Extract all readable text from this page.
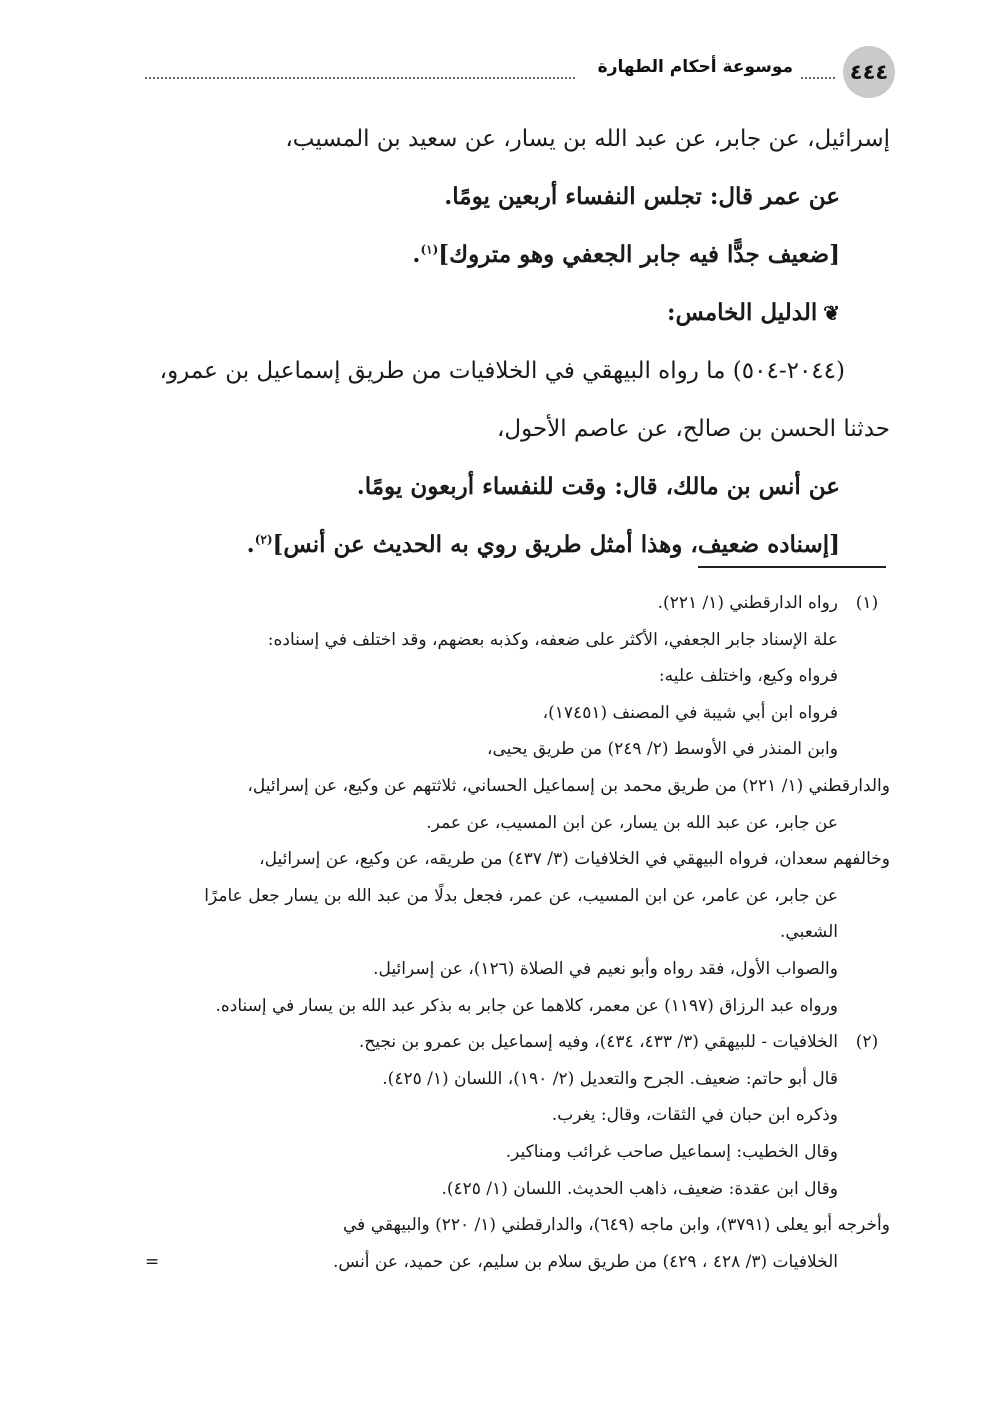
٤٤٤
موسوعة أحكام الطهارة
إسرائيل، عن جابر، عن عبد الله بن يسار، عن سعيد بن المسيب،
عن عمر قال: تجلس النفساء أربعين يومًا.
[ضعيف جدًّا فيه جابر الجعفي وهو متروك]$^{(١)}$.
❦الدليل الخامس:
(٢٠٤٤-٥٠٤) ما رواه البيهقي في الخلافيات من طريق إسماعيل بن عمرو،
حدثنا الحسن بن صالح، عن عاصم الأحول،
عن أنس بن مالك، قال: وقت للنفساء أربعون يومًا.
[إسناده ضعيف، وهذا أمثل طريق روي به الحديث عن أنس]$^{(٢)}$.
(١)
رواه الدارقطني (١/ ٢٢١).
علة الإسناد جابر الجعفي، الأكثر على ضعفه، وكذبه بعضهم، وقد اختلف في إسناده:
فرواه وكيع، واختلف عليه:
فرواه ابن أبي شيبة في المصنف (١٧٤٥١)،
وابن المنذر في الأوسط (٢/ ٢٤٩) من طريق يحيى،
والدارقطني (١/ ٢٢١) من طريق محمد بن إسماعيل الحساني، ثلاثتهم عن وكيع، عن إسرائيل،
عن جابر، عن عبد الله بن يسار، عن ابن المسيب، عن عمر.
وخالفهم سعدان، فرواه البيهقي في الخلافيات (٣/ ٤٣٧) من طريقه، عن وكيع، عن إسرائيل،
عن جابر، عن عامر، عن ابن المسيب، عن عمر، فجعل بدلًا من عبد الله بن يسار جعل عامرًا
الشعبي.
والصواب الأول، فقد رواه وأبو نعيم في الصلاة (١٢٦)، عن إسرائيل.
ورواه عبد الرزاق (١١٩٧) عن معمر، كلاهما عن جابر به بذكر عبد الله بن يسار في إسناده.
(٢)
الخلافيات - للبيهقي (٣/ ٤٣٣، ٤٣٤)، وفيه إسماعيل بن عمرو بن نجيح.
قال أبو حاتم: ضعيف. الجرح والتعديل (٢/ ١٩٠)، اللسان (١/ ٤٢٥).
وذكره ابن حبان في الثقات، وقال: يغرب.
وقال الخطيب: إسماعيل صاحب غرائب ومناكير.
وقال ابن عقدة: ضعيف، ذاهب الحديث. اللسان (١/ ٤٢٥).
وأخرجه أبو يعلى (٣٧٩١)، وابن ماجه (٦٤٩)، والدارقطني (١/ ٢٢٠) والبيهقي في
الخلافيات (٣/ ٤٢٨ ، ٤٢٩) من طريق سلام بن سليم، عن حميد، عن أنس.
=
